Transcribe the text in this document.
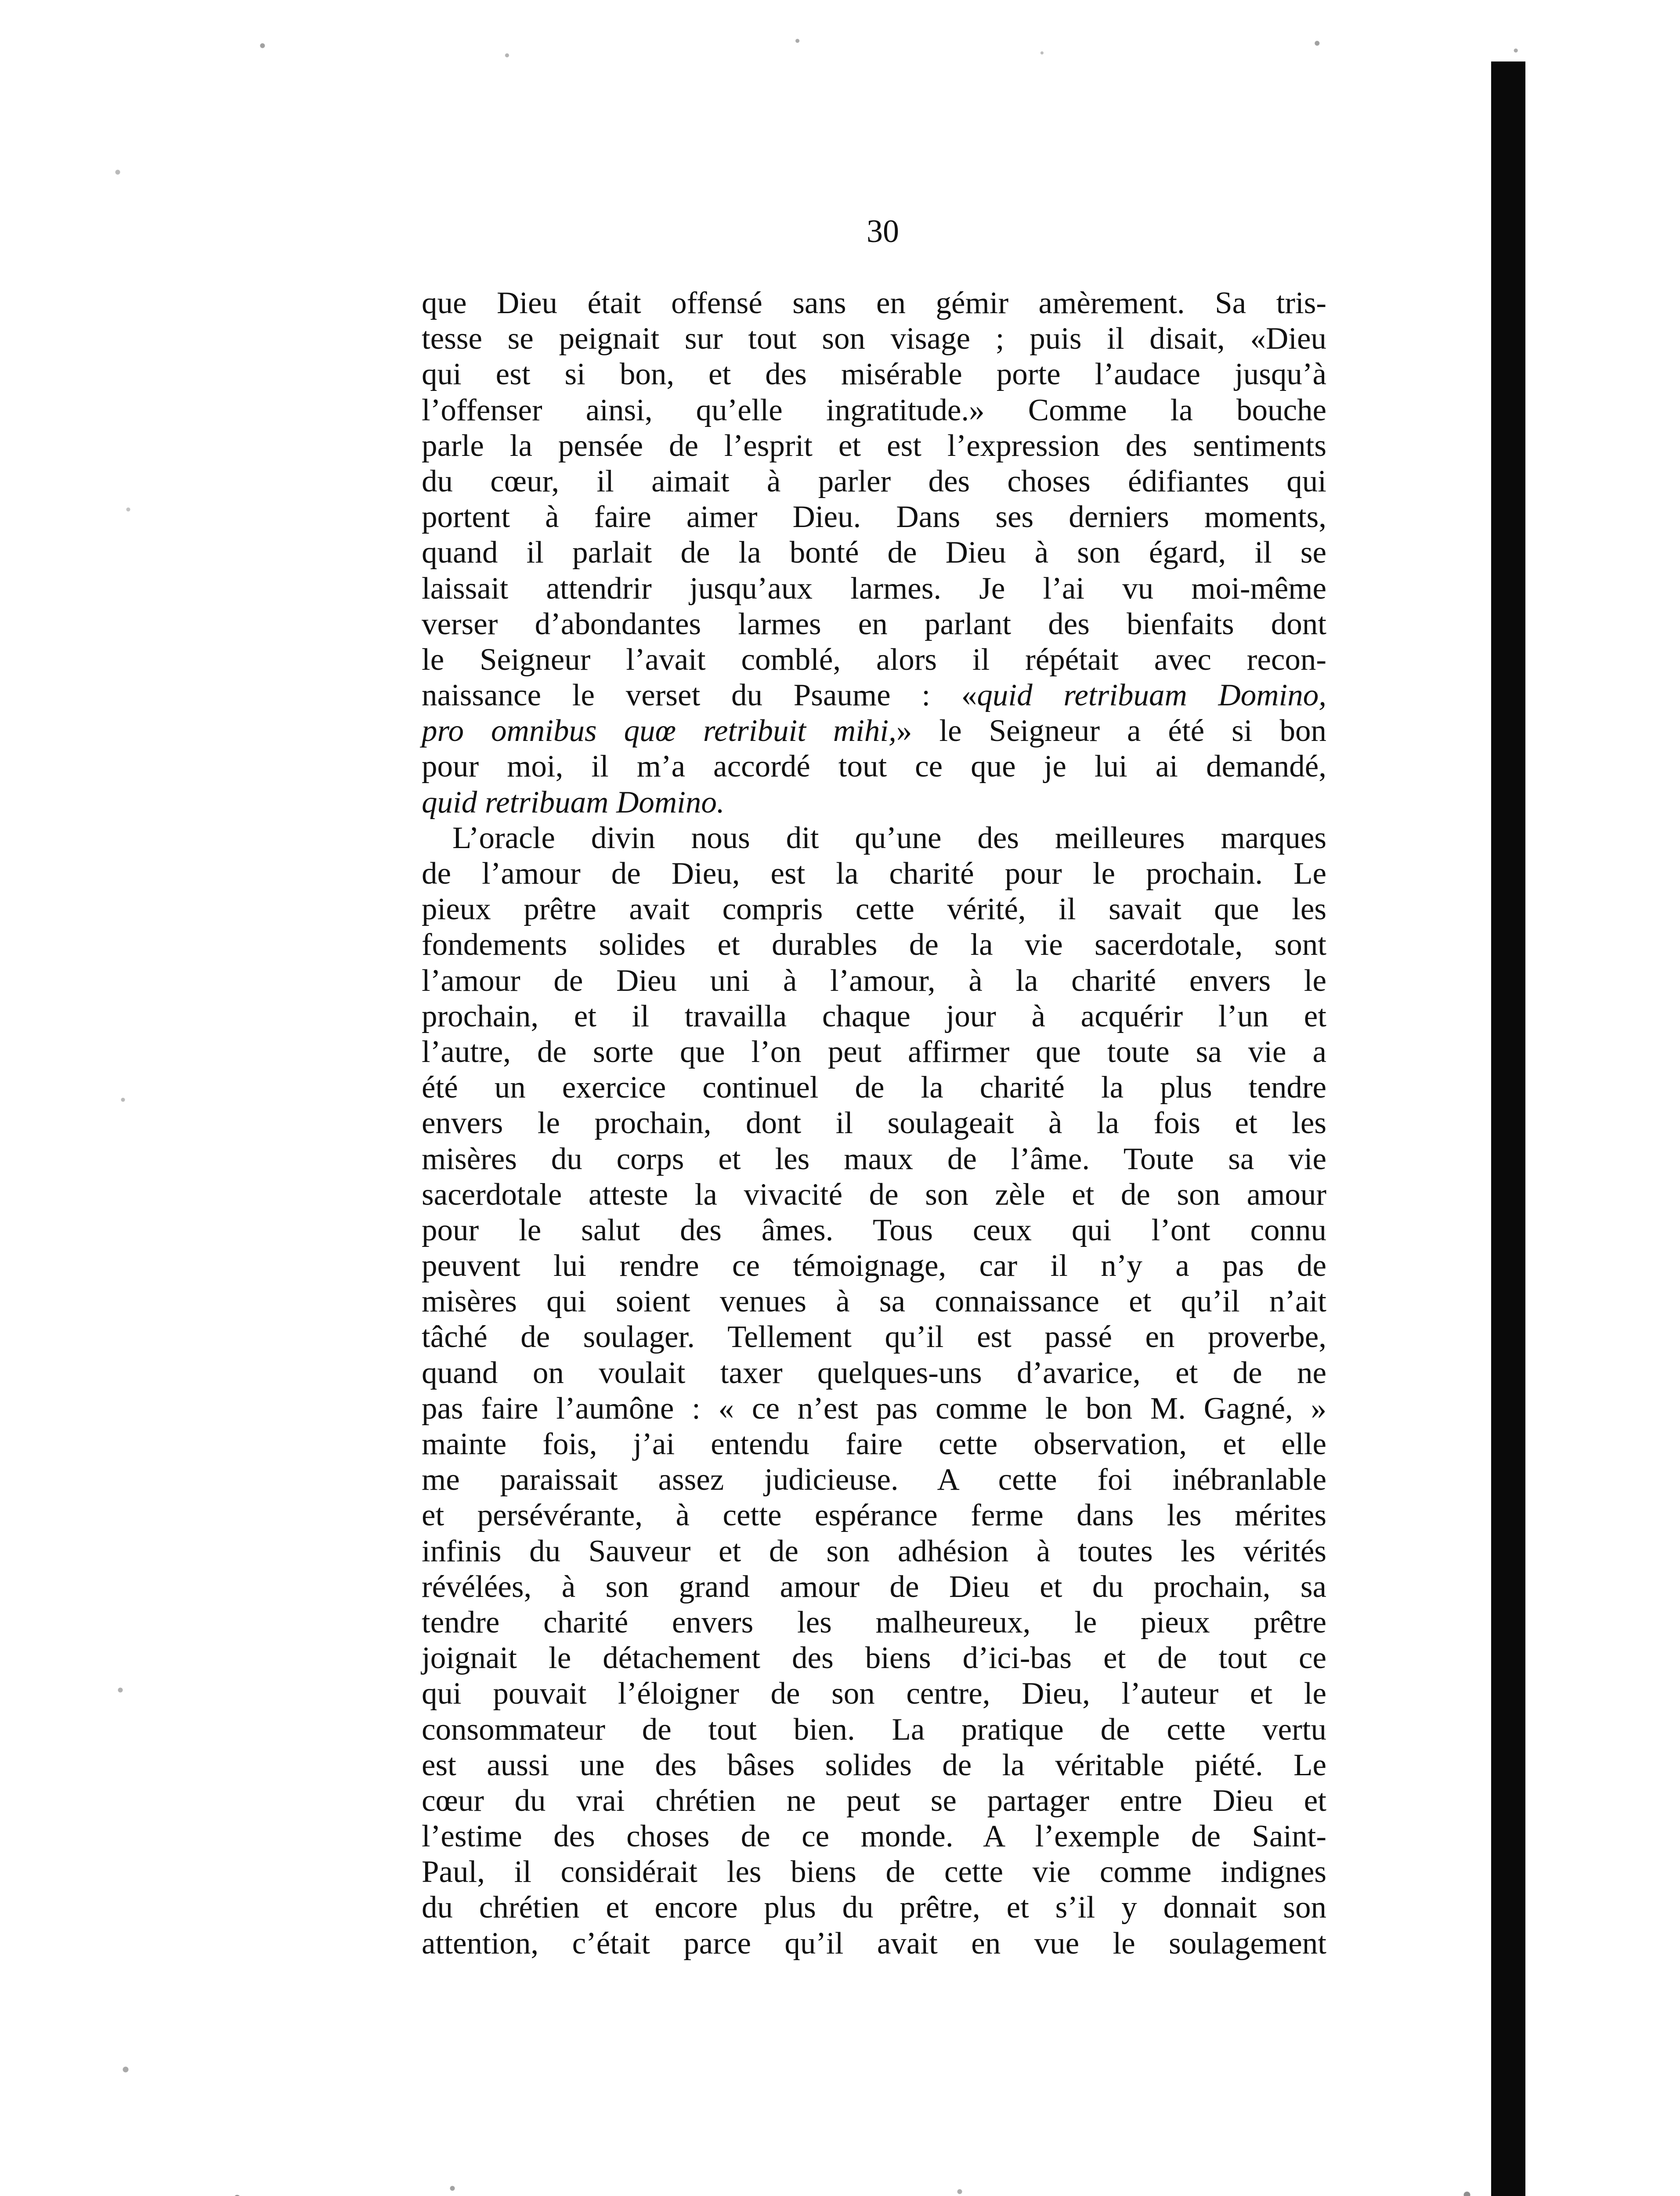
30
que Dieu était offensé sans en gémir amèrement. Sa tris-
tesse se peignait sur tout son visage ; puis il disait, «Dieu
qui est si bon, et des misérable porte l’audace jusqu’à
l’offenser ainsi, qu’elle ingratitude.» Comme la bouche
parle la pensée de l’esprit et est l’expression des sentiments
du cœur, il aimait à parler des choses édifiantes qui
portent à faire aimer Dieu. Dans ses derniers moments,
quand il parlait de la bonté de Dieu à son égard, il se
laissait attendrir jusqu’aux larmes. Je l’ai vu moi-même
verser d’abondantes larmes en parlant des bienfaits dont
le Seigneur l’avait comblé, alors il répétait avec recon-
naissance le verset du Psaume : «quid retribuam Domino,
pro omnibus quœ retribuit mihi,» le Seigneur a été si bon
pour moi, il m’a accordé tout ce que je lui ai demandé,
quid retribuam Domino.
L’oracle divin nous dit qu’une des meilleures marques
de l’amour de Dieu, est la charité pour le prochain. Le
pieux prêtre avait compris cette vérité, il savait que les
fondements solides et durables de la vie sacerdotale, sont
l’amour de Dieu uni à l’amour, à la charité envers le
prochain, et il travailla chaque jour à acquérir l’un et
l’autre, de sorte que l’on peut affirmer que toute sa vie a
été un exercice continuel de la charité la plus tendre
envers le prochain, dont il soulageait à la fois et les
misères du corps et les maux de l’âme. Toute sa vie
sacerdotale atteste la vivacité de son zèle et de son amour
pour le salut des âmes. Tous ceux qui l’ont connu
peuvent lui rendre ce témoignage, car il n’y a pas de
misères qui soient venues à sa connaissance et qu’il n’ait
tâché de soulager. Tellement qu’il est passé en proverbe,
quand on voulait taxer quelques-uns d’avarice, et de ne
pas faire l’aumône : « ce n’est pas comme le bon M. Gagné, »
mainte fois, j’ai entendu faire cette observation, et elle
me paraissait assez judicieuse. A cette foi inébranlable
et persévérante, à cette espérance ferme dans les mérites
infinis du Sauveur et de son adhésion à toutes les vérités
révélées, à son grand amour de Dieu et du prochain, sa
tendre charité envers les malheureux, le pieux prêtre
joignait le détachement des biens d’ici-bas et de tout ce
qui pouvait l’éloigner de son centre, Dieu, l’auteur et le
consommateur de tout bien. La pratique de cette vertu
est aussi une des bâses solides de la véritable piété. Le
cœur du vrai chrétien ne peut se partager entre Dieu et
l’estime des choses de ce monde. A l’exemple de Saint-
Paul, il considérait les biens de cette vie comme indignes
du chrétien et encore plus du prêtre, et s’il y donnait son
attention, c’était parce qu’il avait en vue le soulagement
